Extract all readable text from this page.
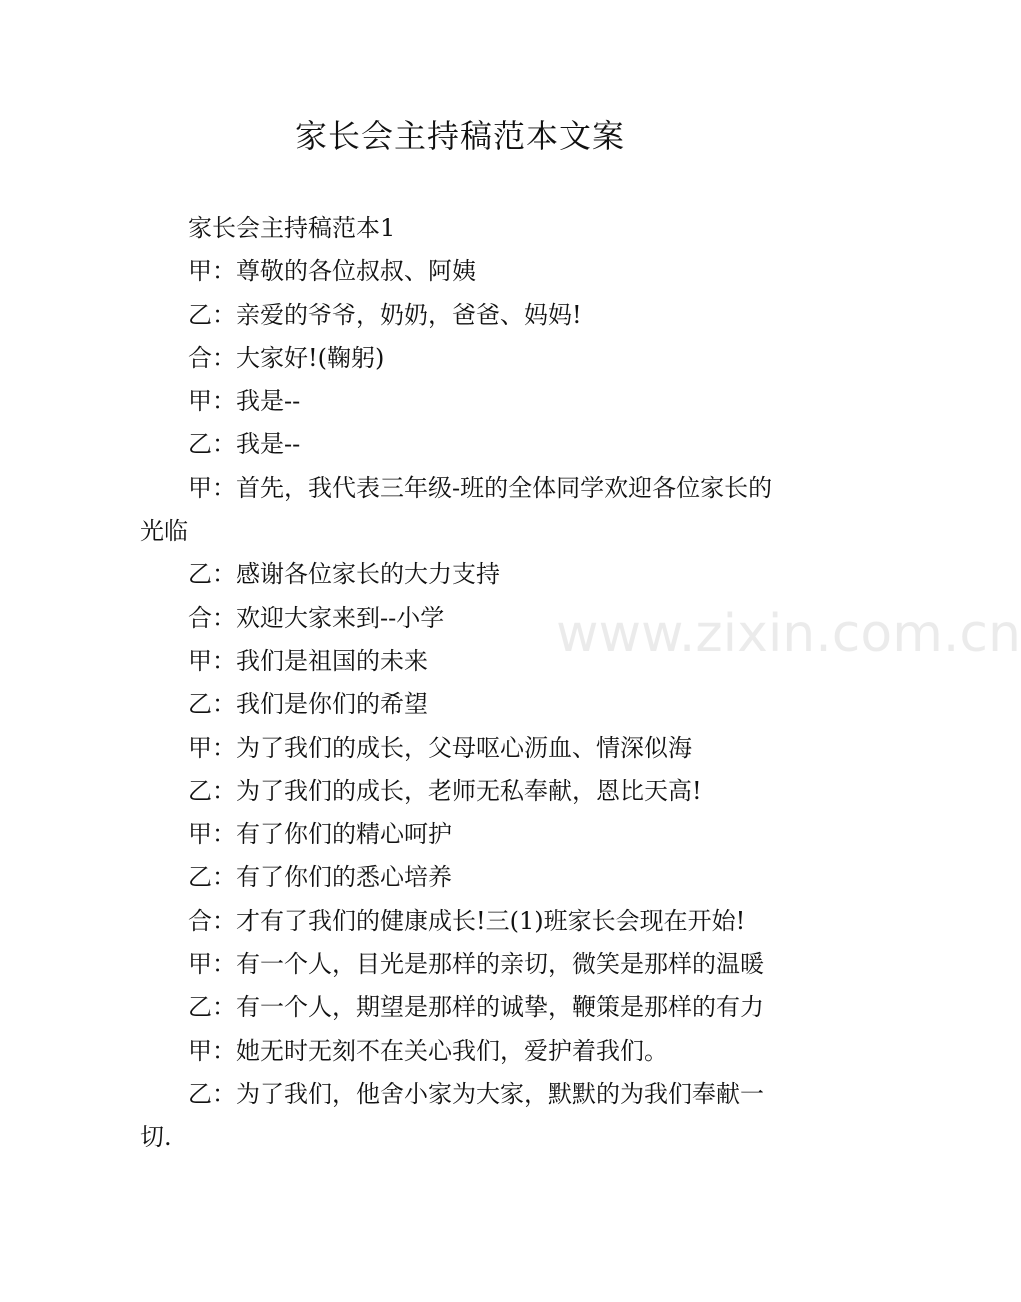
家长会主持稿范本文案

家长会主持稿范本1

甲：尊敬的各位叔叔、阿姨

乙：亲爱的爷爷，奶奶，爸爸、妈妈!

合：大家好!(鞠躬)

甲：我是--

乙：我是--

甲：首先，我代表三年级-班的全体同学欢迎各位家长的光临

乙：感谢各位家长的大力支持

合：欢迎大家来到--小学

甲：我们是祖国的未来

乙：我们是你们的希望

甲：为了我们的成长，父母呕心沥血、情深似海

乙：为了我们的成长，老师无私奉献，恩比天高!

甲：有了你们的精心呵护

乙：有了你们的悉心培养

合：才有了我们的健康成长!三(1)班家长会现在开始!

甲：有一个人，目光是那样的亲切，微笑是那样的温暖

乙：有一个人，期望是那样的诚挚，鞭策是那样的有力

甲：她无时无刻不在关心我们，爱护着我们。

乙：为了我们，他舍小家为大家，默默的为我们奉献一切.

www.zixin.com.cn
